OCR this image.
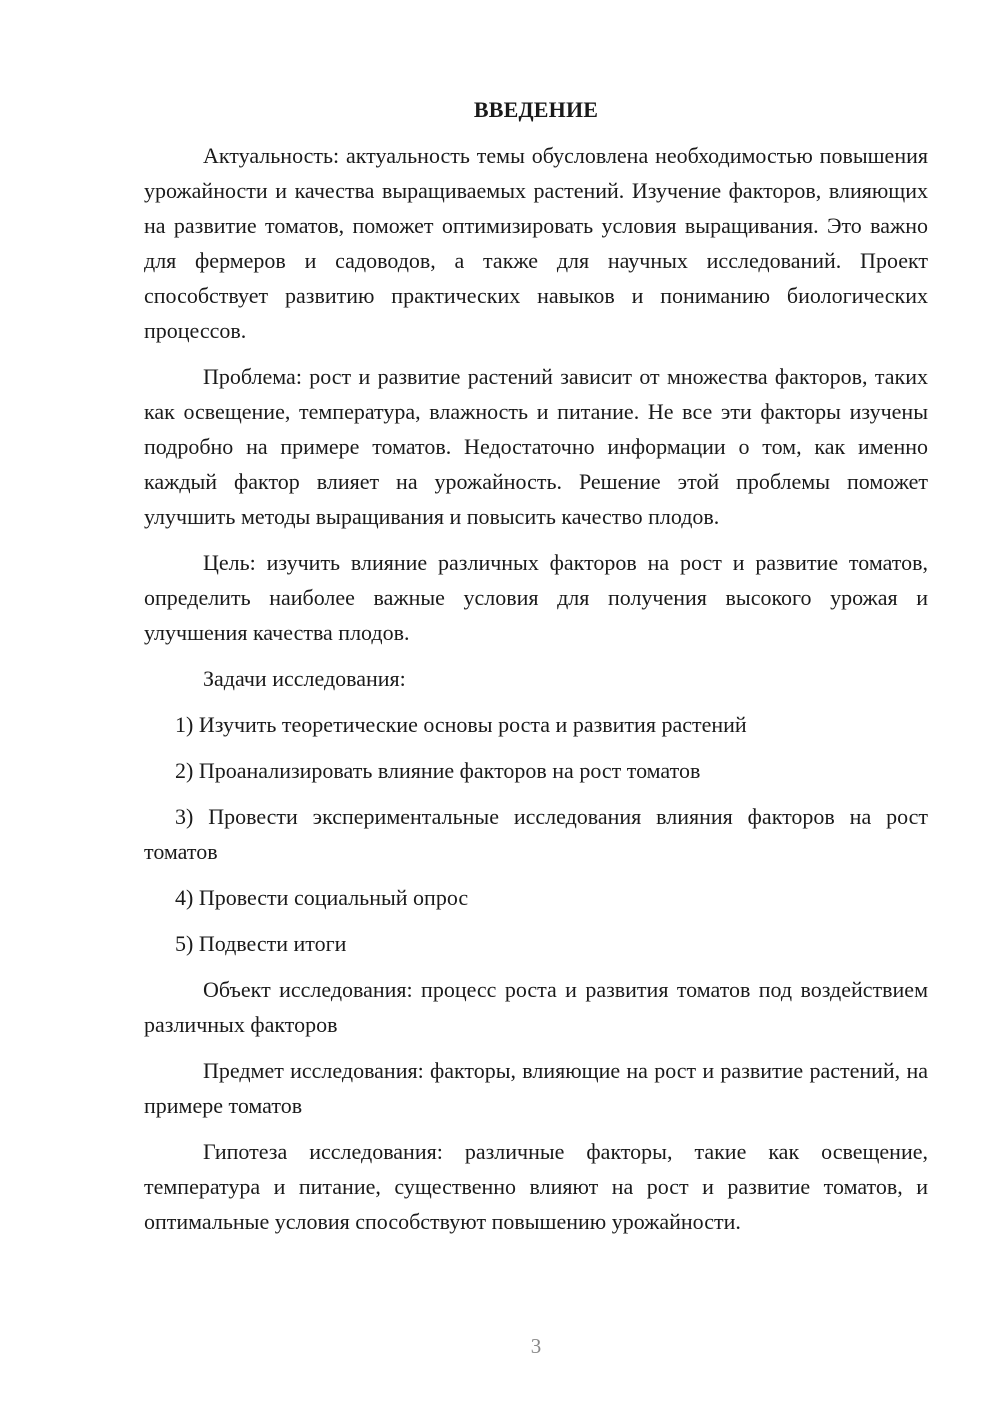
ВВЕДЕНИЕ

Актуальность: актуальность темы обусловлена необходимостью повышения урожайности и качества выращиваемых растений. Изучение факторов, влияющих на развитие томатов, поможет оптимизировать условия выращивания. Это важно для фермеров и садоводов, а также для научных исследований. Проект способствует развитию практических навыков и пониманию биологических процессов.

Проблема: рост и развитие растений зависит от множества факторов, таких как освещение, температура, влажность и питание. Не все эти факторы изучены подробно на примере томатов. Недостаточно информации о том, как именно каждый фактор влияет на урожайность. Решение этой проблемы поможет улучшить методы выращивания и повысить качество плодов.

Цель: изучить влияние различных факторов на рост и развитие томатов, определить наиболее важные условия для получения высокого урожая и улучшения качества плодов.

Задачи исследования:

1) Изучить теоретические основы роста и развития растений

2) Проанализировать влияние факторов на рост томатов

3) Провести экспериментальные исследования влияния факторов на рост томатов

4) Провести социальный опрос

5) Подвести итоги

Объект исследования: процесс роста и развития томатов под воздействием различных факторов

Предмет исследования: факторы, влияющие на рост и развитие растений, на примере томатов

Гипотеза исследования: различные факторы, такие как освещение, температура и питание, существенно влияют на рост и развитие томатов, и оптимальные условия способствуют повышению урожайности.

3
